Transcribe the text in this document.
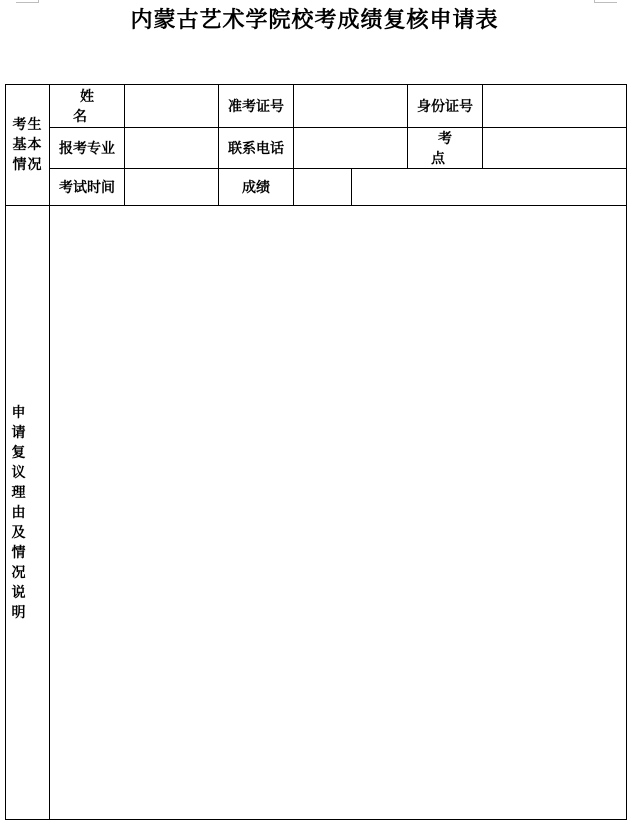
内蒙古艺术学院校考成绩复核申请表
考生基本情况	姓 名		准考证号			身份证号	
	报考专业		联系电话			考 点	
	考试时间		成绩				

申请复议理由及情况说明							
